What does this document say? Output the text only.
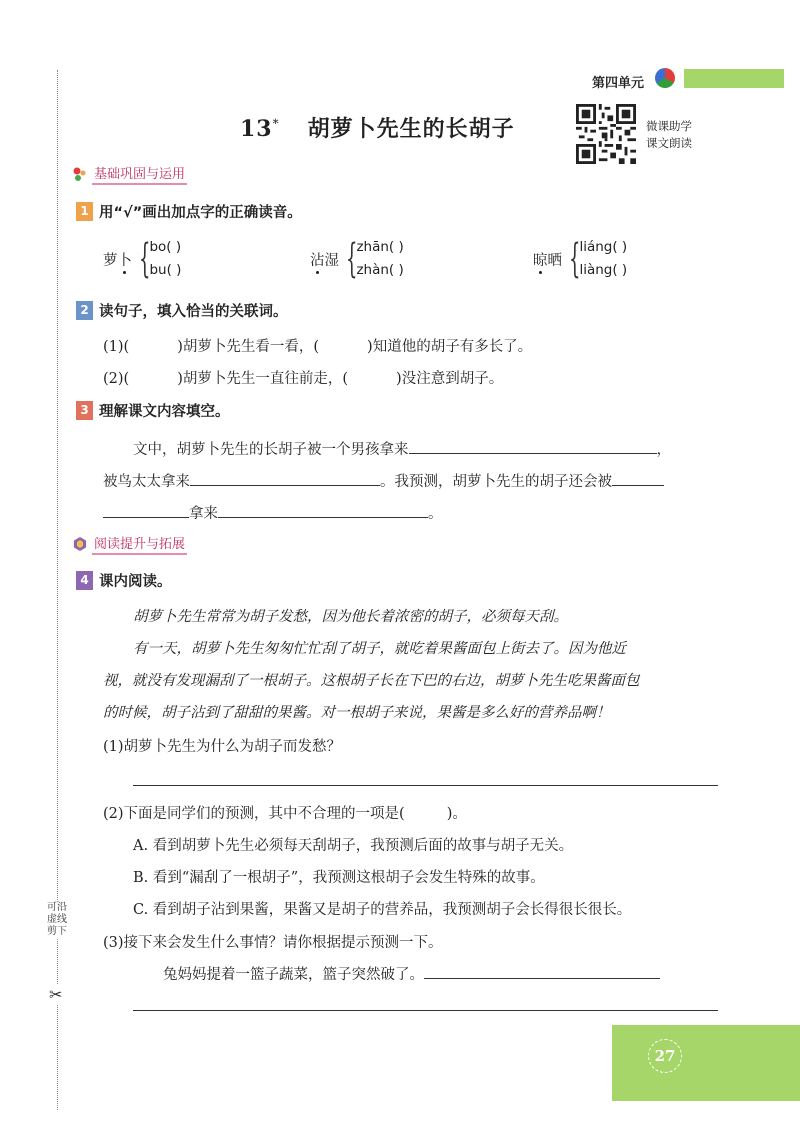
可沿虚线剪下
✂
第四单元
13* 胡萝卜先生的长胡子	微课助学
课文朗读
基础巩固与运用
1 用“√”画出加点字的正确读音。
萝卜 {
bo( )
bu( )
沾湿 {
zhān( )
zhàn( )
晾晒 {
liáng( )
liàng( )
2 读句子，填入恰当的关联词。
(1)(	)胡萝卜先生看一看，(	)知道他的胡子有多长了。
(2)(	)胡萝卜先生一直往前走，(	)没注意到胡子。
3 理解课文内容填空。
文中，胡萝卜先生的长胡子被一个男孩拿来	，
被鸟太太拿来	。我预测，胡萝卜先生的胡子还会被
拿来	。
阅读提升与拓展
4 课内阅读。
胡萝卜先生常常为胡子发愁，因为他长着浓密的胡子，必须每天刮。
有一天，胡萝卜先生匆匆忙忙刮了胡子，就吃着果酱面包上街去了。因为他近
视，就没有发现漏刮了一根胡子。这根胡子长在下巴的右边，胡萝卜先生吃果酱面包
的时候，胡子沾到了甜甜的果酱。对一根胡子来说，果酱是多么好的营养品啊！
(1)胡萝卜先生为什么为胡子而发愁？
(2)下面是同学们的预测，其中不合理的一项是(	)。
A. 看到胡萝卜先生必须每天刮胡子，我预测后面的故事与胡子无关。
B. 看到“漏刮了一根胡子”，我预测这根胡子会发生特殊的故事。
C. 看到胡子沾到果酱，果酱又是胡子的营养品，我预测胡子会长得很长很长。
(3)接下来会发生什么事情？请你根据提示预测一下。
兔妈妈提着一篮子蔬菜，篮子突然破了。
27
